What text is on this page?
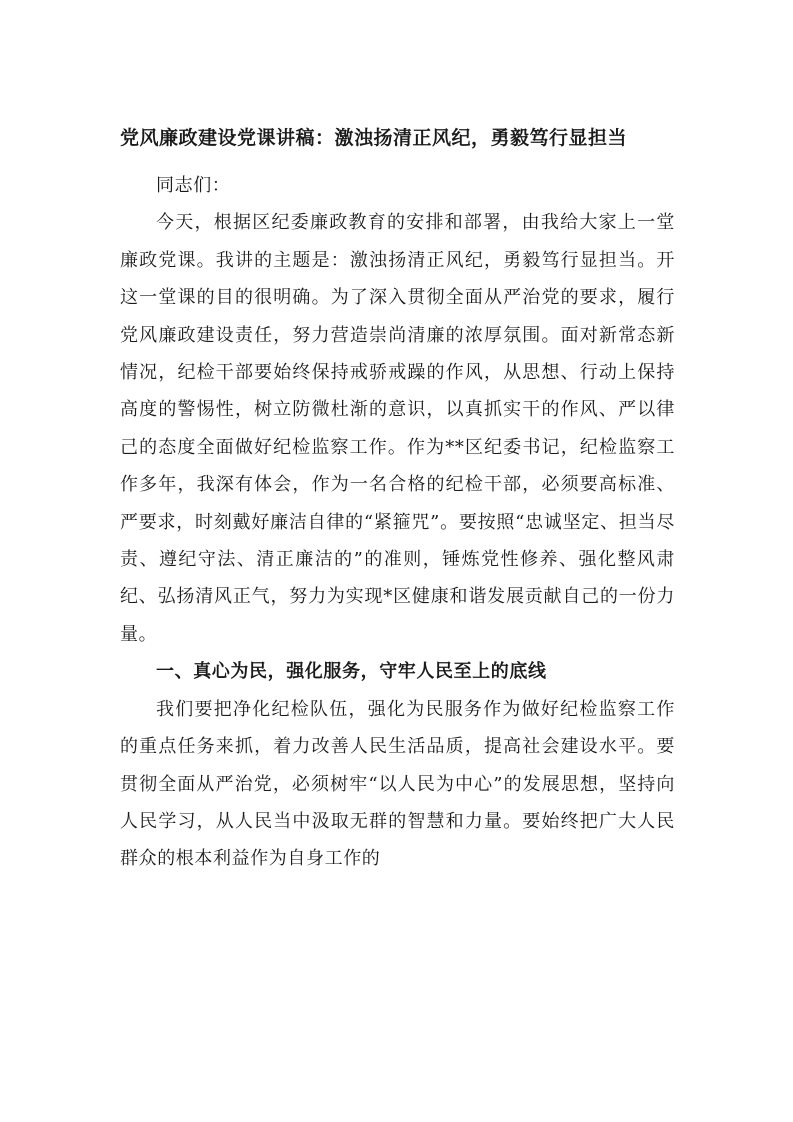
党风廉政建设党课讲稿：激浊扬清正风纪，勇毅笃行显担当

同志们：

今天，根据区纪委廉政教育的安排和部署，由我给大家上一堂廉政党课。我讲的主题是：激浊扬清正风纪，勇毅笃行显担当。开这一堂课的目的很明确。为了深入贯彻全面从严治党的要求，履行党风廉政建设责任，努力营造崇尚清廉的浓厚氛围。面对新常态新情况，纪检干部要始终保持戒骄戒躁的作风，从思想、行动上保持高度的警惕性，树立防微杜渐的意识，以真抓实干的作风、严以律己的态度全面做好纪检监察工作。作为**区纪委书记，纪检监察工作多年，我深有体会，作为一名合格的纪检干部，必须要高标准、严要求，时刻戴好廉洁自律的“紧箍咒”。要按照“忠诚坚定、担当尽责、遵纪守法、清正廉洁的”的准则，锤炼党性修养、强化整风肃纪、弘扬清风正气，努力为实现*区健康和谐发展贡献自己的一份力量。

一、真心为民，强化服务，守牢人民至上的底线

我们要把净化纪检队伍，强化为民服务作为做好纪检监察工作的重点任务来抓，着力改善人民生活品质，提高社会建设水平。要贯彻全面从严治党，必须树牢“以人民为中心”的发展思想，坚持向人民学习，从人民当中汲取无群的智慧和力量。要始终把广大人民群众的根本利益作为自身工作的
